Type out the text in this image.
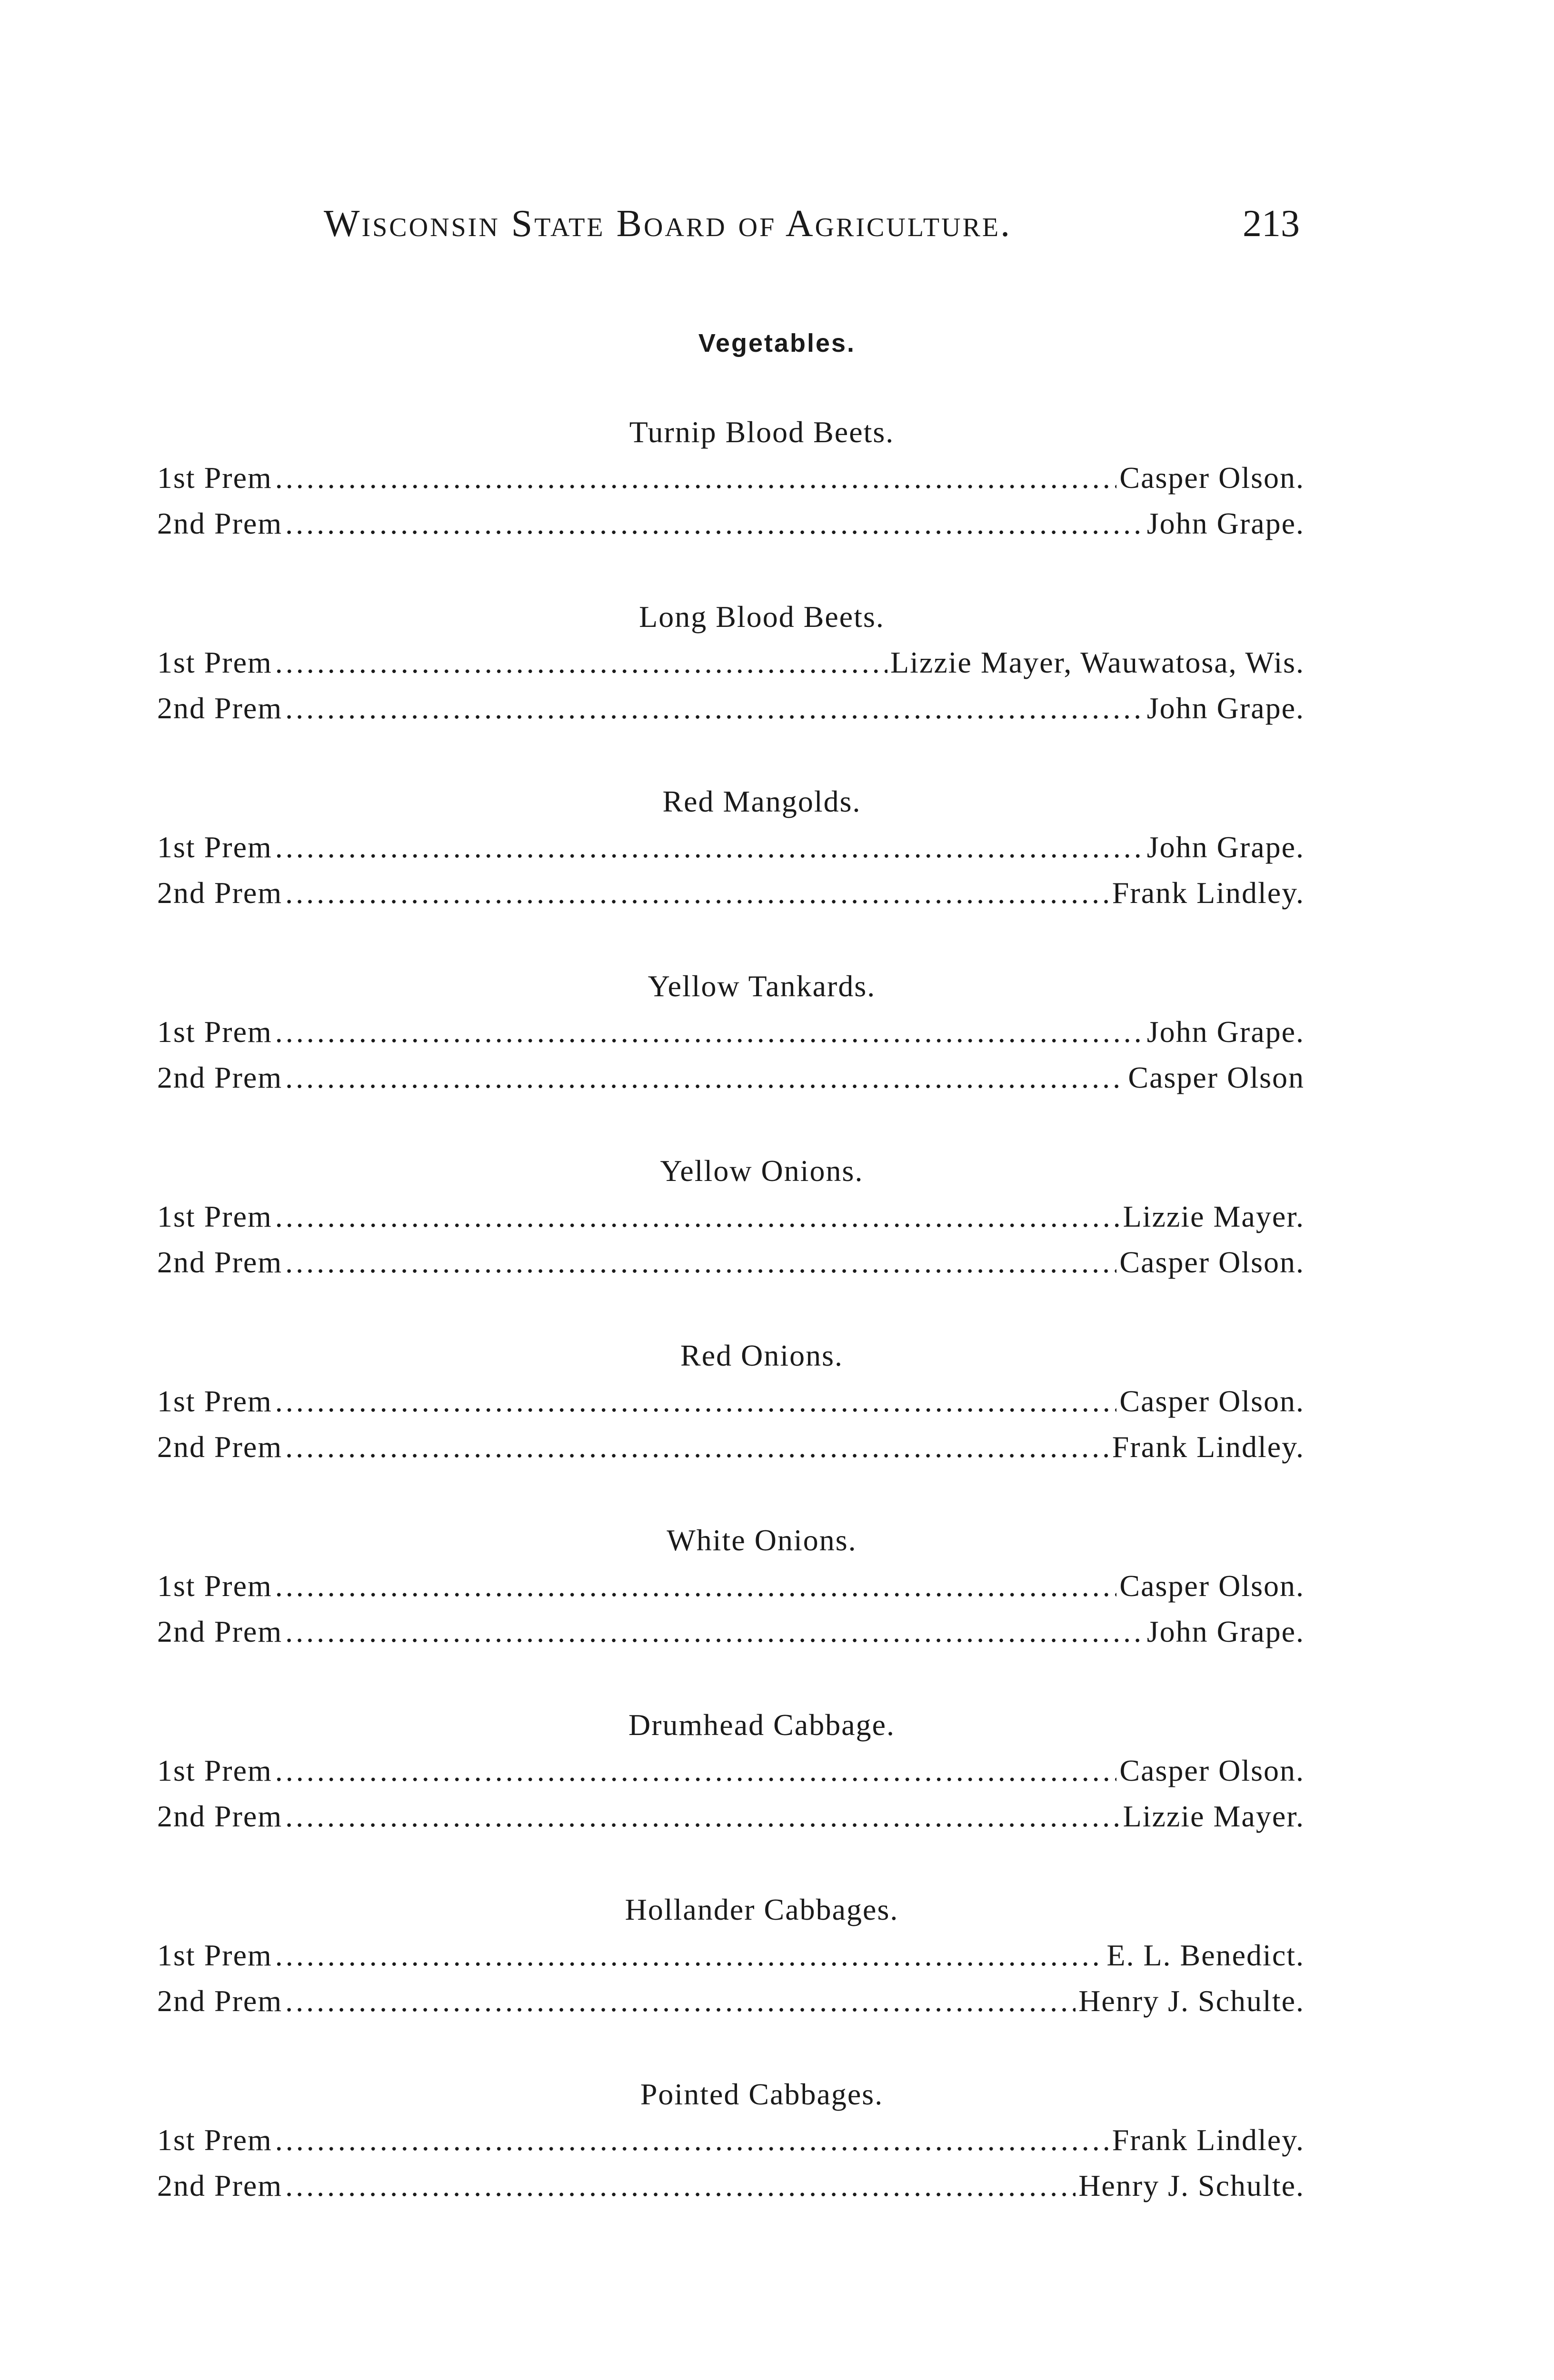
Wisconsin State Board of Agriculture.	213
Vegetables.
Turnip Blood Beets.
1st Prem .....	Casper Olson.
2nd Prem .....	John Grape.
Long Blood Beets.
1st Prem .....	Lizzie Mayer, Wauwatosa, Wis.
2nd Prem .....	John Grape.
Red Mangolds.
1st Prem .....	John Grape.
2nd Prem .....	Frank Lindley.
Yellow Tankards.
1st Prem .....	John Grape.
2nd Prem .....	Casper Olson
Yellow Onions.
1st Prem .....	Lizzie Mayer.
2nd Prem .....	Casper Olson.
Red Onions.
1st Prem .....	Casper Olson.
2nd Prem .....	Frank Lindley.
White Onions.
1st Prem .....	Casper Olson.
2nd Prem .....	John Grape.
Drumhead Cabbage.
1st Prem .....	Casper Olson.
2nd Prem .....	Lizzie Mayer.
Hollander Cabbages.
1st Prem .....	E. L. Benedict.
2nd Prem .....	Henry J. Schulte.
Pointed Cabbages.
1st Prem .....	Frank Lindley.
2nd Prem .....	Henry J. Schulte.
